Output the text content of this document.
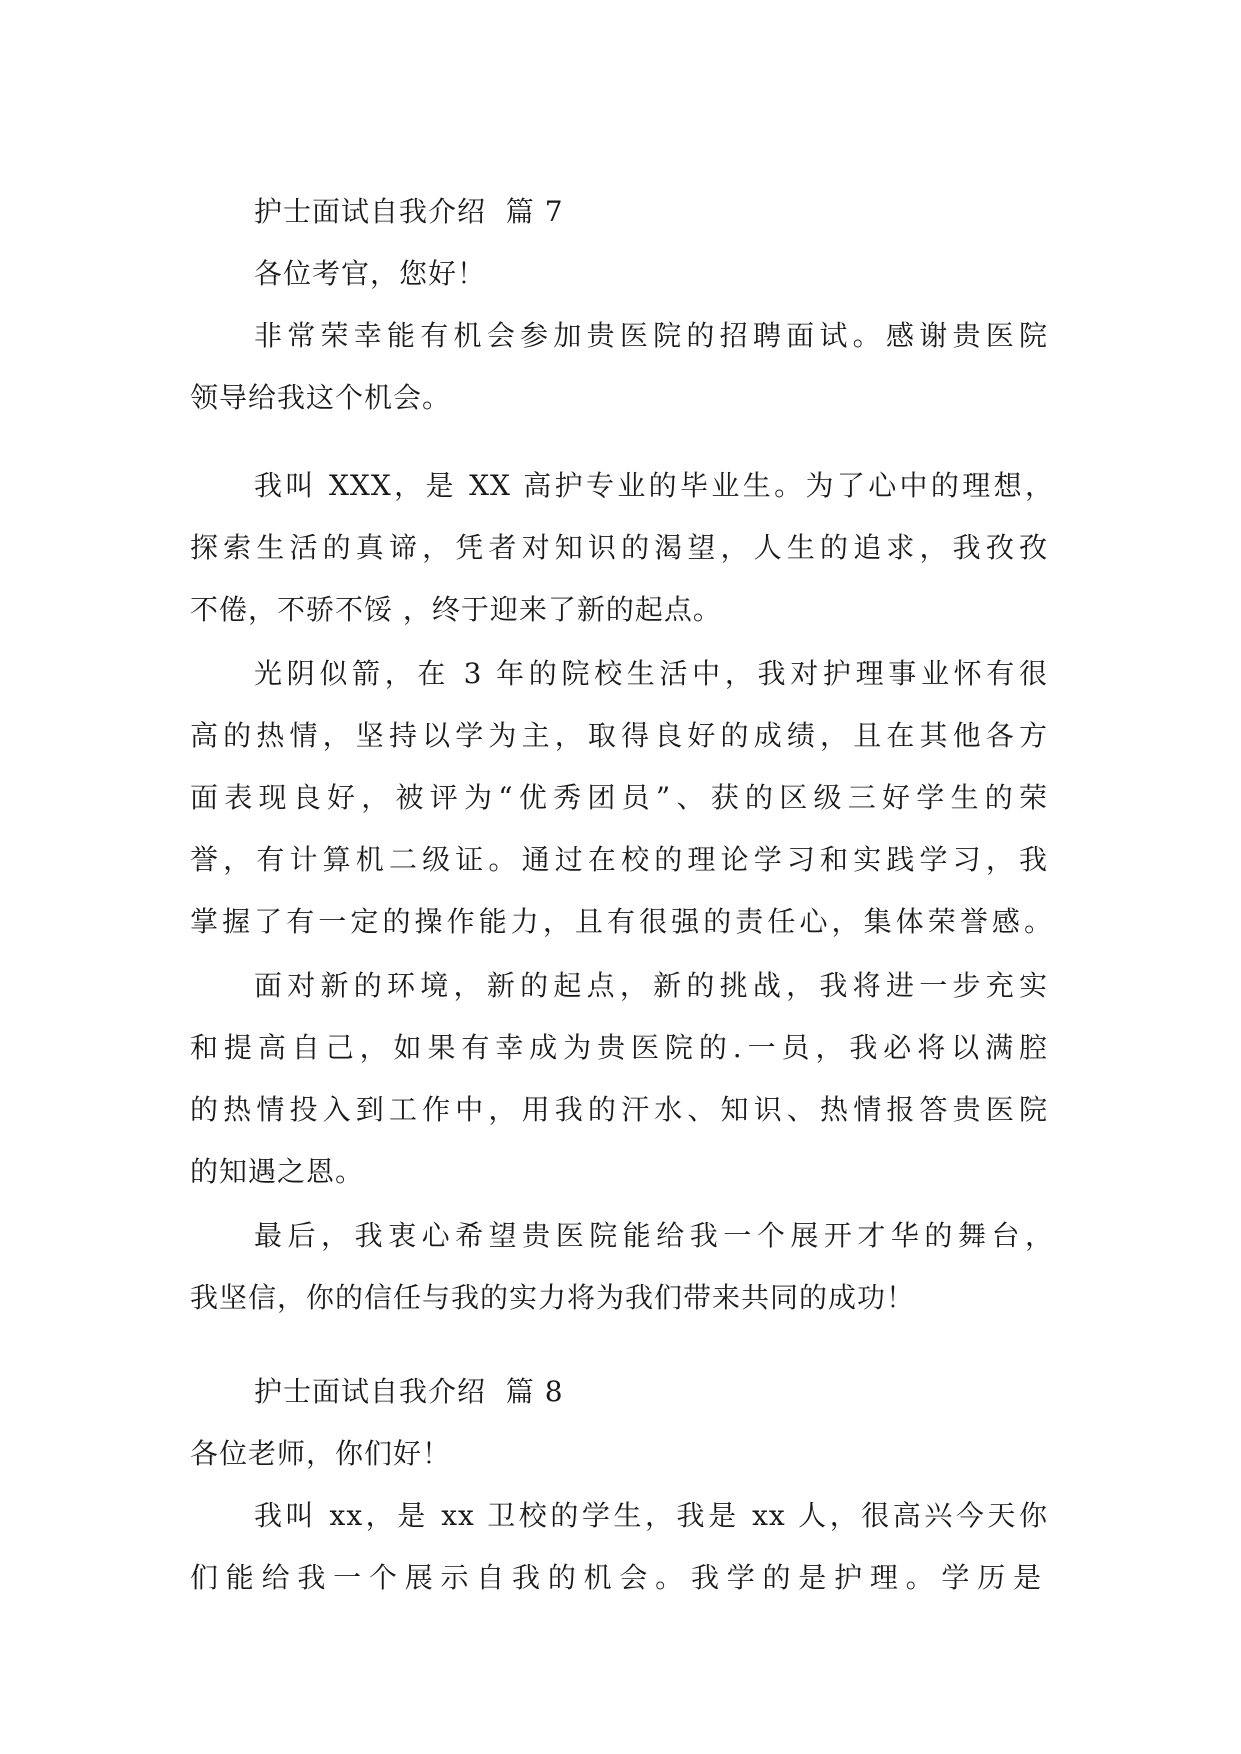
护士面试自我介绍  篇 7
各位考官，您好！
非常荣幸能有机会参加贵医院的招聘面试。感谢贵医院
领导给我这个机会。
我叫 XXX，是 XX 高护专业的毕业生。为了心中的理想，
探索生活的真谛，凭者对知识的渴望，人生的追求，我孜孜
不倦，不骄不馁 ，终于迎来了新的起点。
光阴似箭，在 3 年的院校生活中，我对护理事业怀有很
高的热情，坚持以学为主，取得良好的成绩，且在其他各方
面表现良好，被评为“优秀团员”、获的区级三好学生的荣
誉，有计算机二级证。通过在校的理论学习和实践学习，我
掌握了有一定的操作能力，且有很强的责任心，集体荣誉感。
面对新的环境，新的起点，新的挑战，我将进一步充实
和提高自己，如果有幸成为贵医院的.一员，我必将以满腔
的热情投入到工作中，用我的汗水、知识、热情报答贵医院
的知遇之恩。
最后，我衷心希望贵医院能给我一个展开才华的舞台，
我坚信，你的信任与我的实力将为我们带来共同的成功！
护士面试自我介绍  篇 8
各位老师，你们好！
我叫 xx，是 xx 卫校的学生，我是 xx 人，很高兴今天你
们能给我一个展示自我的机会。我学的是护理。学历是
